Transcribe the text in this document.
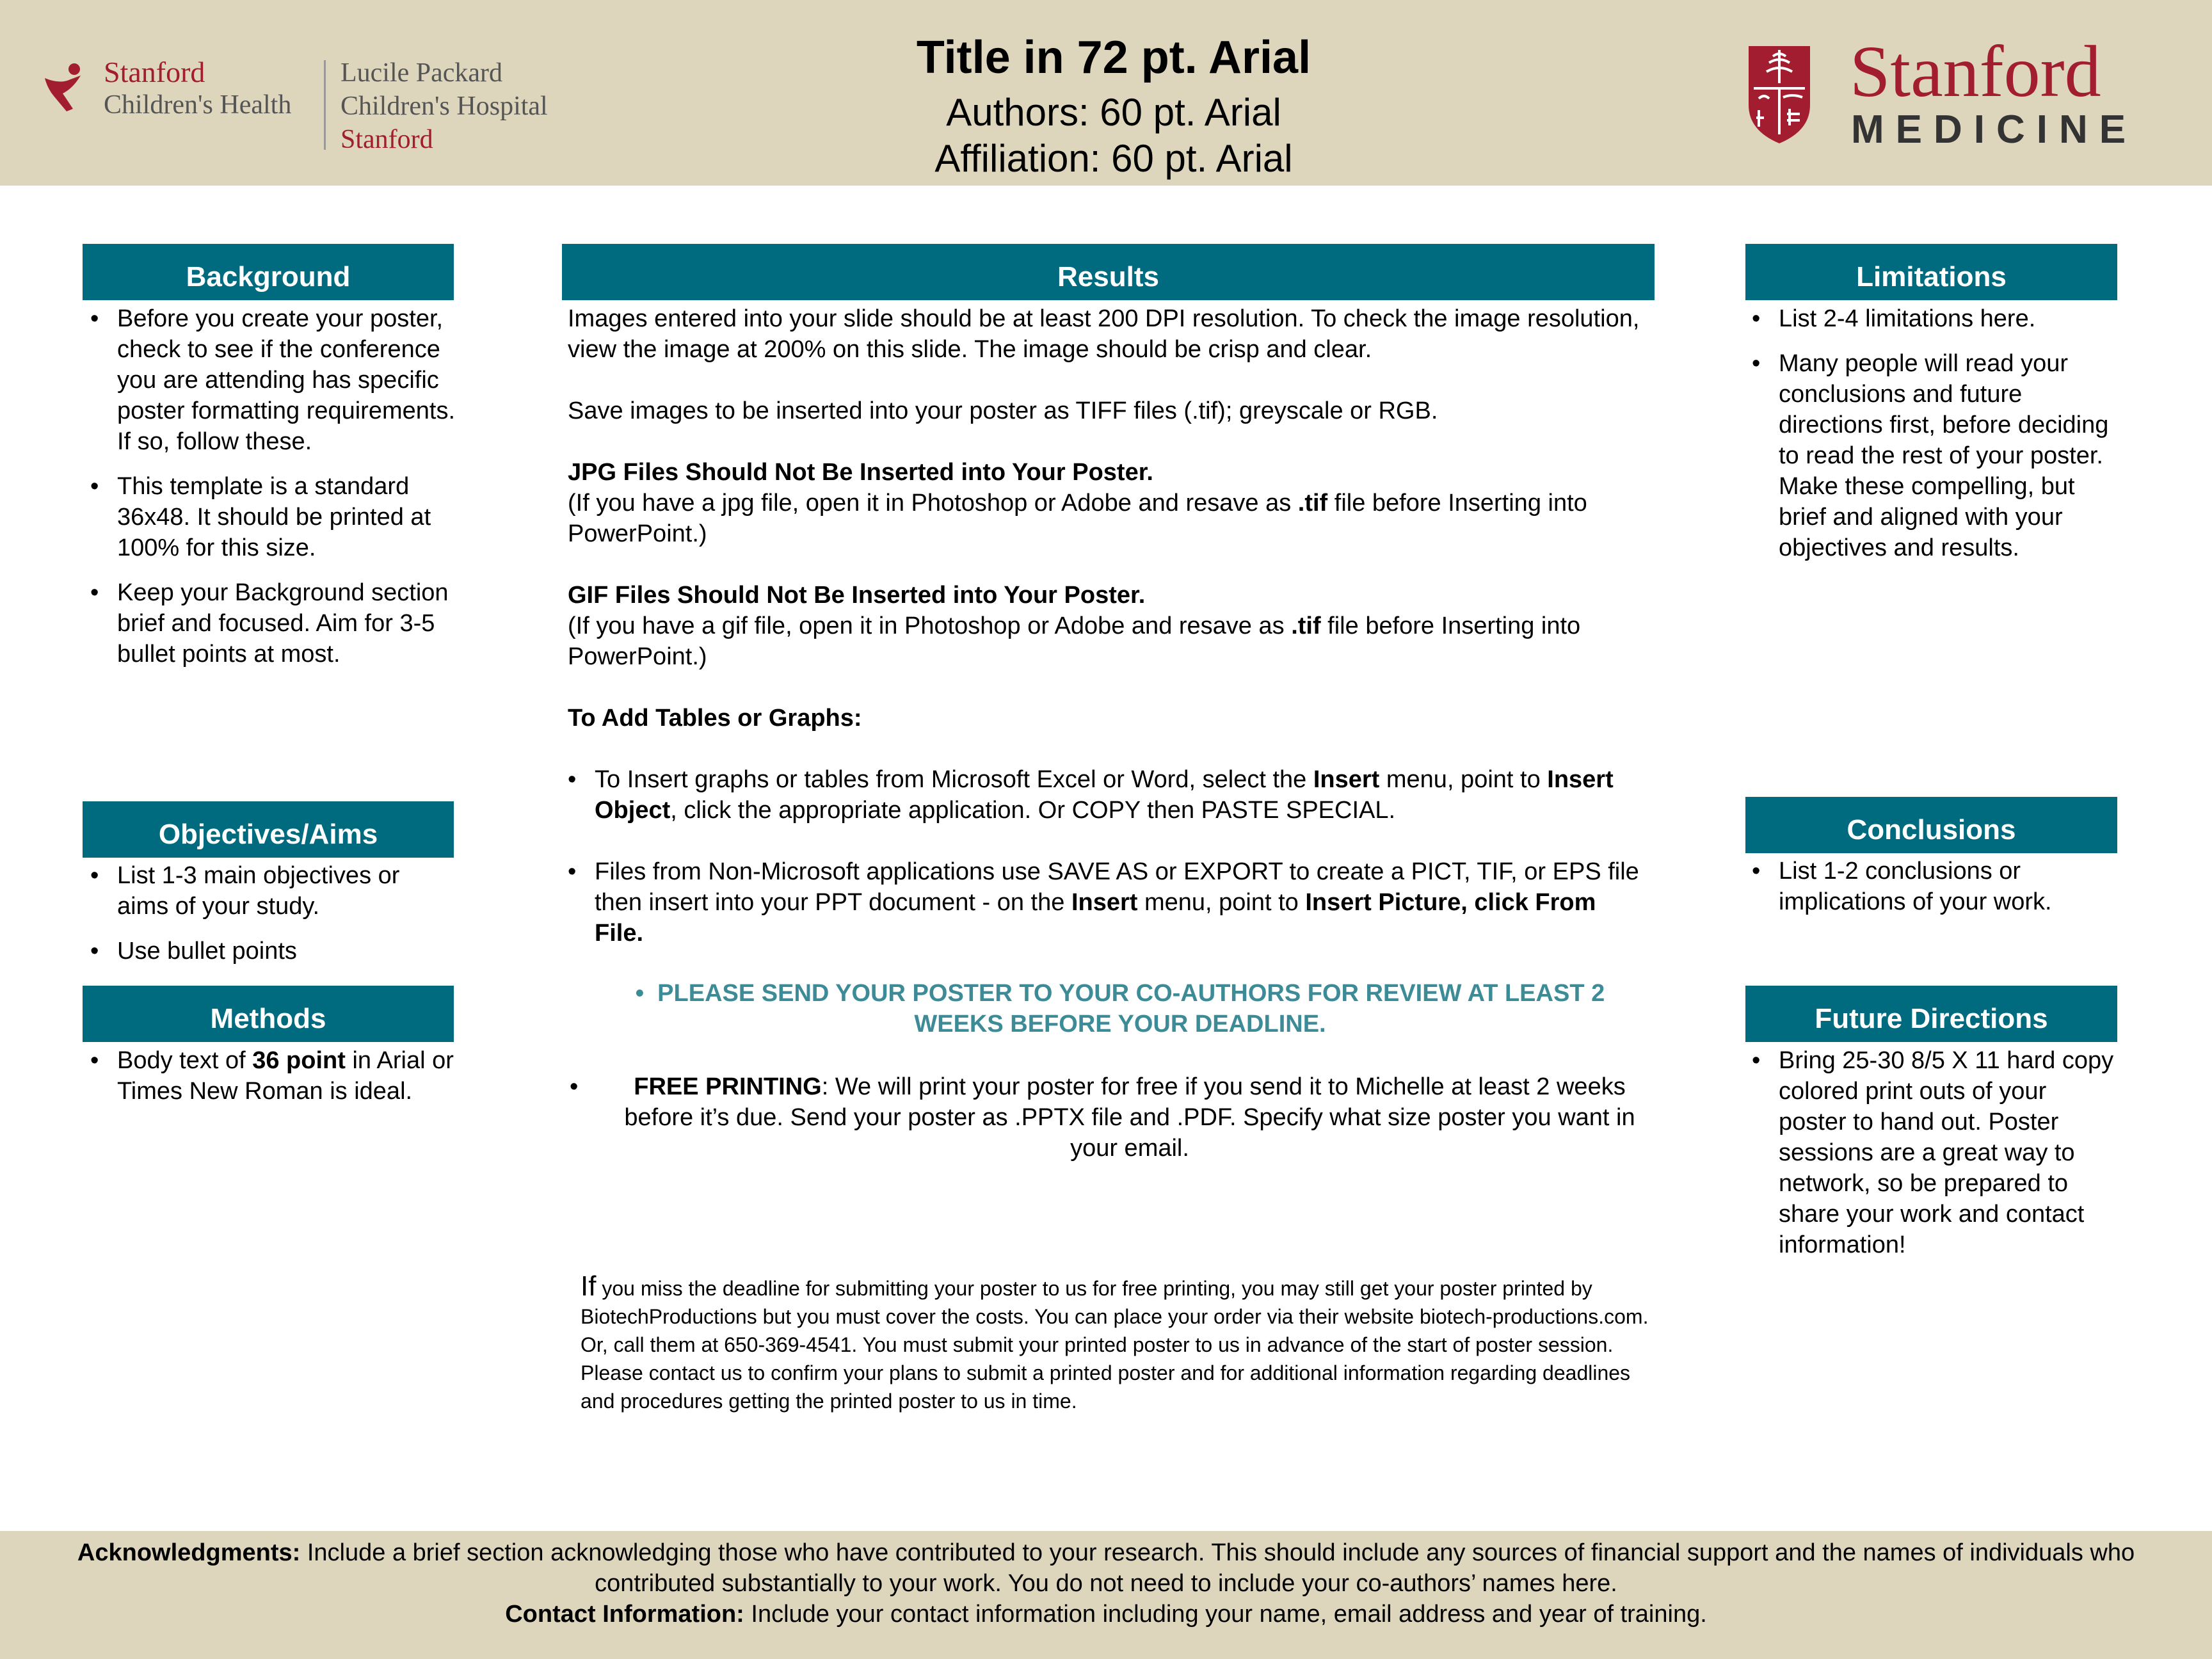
Stanford
Children's Health
Lucile Packard
Children's Hospital
Stanford
Title in 72 pt. Arial
Authors: 60 pt. Arial
Affiliation: 60 pt. Arial
Stanford
MEDICINE
Background
• Before you create your poster, check to see if the conference you are attending has specific poster formatting requirements. If so, follow these.
• This template is a standard 36x48. It should be printed at 100% for this size.
• Keep your Background section brief and focused. Aim for 3-5 bullet points at most.
Objectives/Aims
• List 1-3 main objectives or aims of your study.
• Use bullet points
Methods
• Body text of 36 point in Arial or Times New Roman is ideal.
Results

Images entered into your slide should be at least 200 DPI resolution. To check the image resolution, view the image at 200% on this slide. The image should be crisp and clear.

Save images to be inserted into your poster as TIFF files (.tif); greyscale or RGB.

JPG Files Should Not Be Inserted into Your Poster.

(If you have a jpg file, open it in Photoshop or Adobe and resave as .tif file before Inserting into PowerPoint.)

GIF Files Should Not Be Inserted into Your Poster.

(If you have a gif file, open it in Photoshop or Adobe and resave as .tif file before Inserting into PowerPoint.)

To Add Tables or Graphs:

• To Insert graphs or tables from Microsoft Excel or Word, select the Insert menu, point to Insert Object, click the appropriate application. Or COPY then PASTE SPECIAL.
• Files from Non-Microsoft applications use SAVE AS or EXPORT to create a PICT, TIF, or EPS file then insert into your PPT document - on the Insert menu, point to Insert Picture, click From File.
•  PLEASE SEND YOUR POSTER TO YOUR CO-AUTHORS FOR REVIEW AT LEAST 2 WEEKS BEFORE YOUR DEADLINE.
•	FREE PRINTING: We will print your poster for free if you send it to Michelle at least 2 weeks before it’s due. Send your poster as .PPTX file and .PDF. Specify what size poster you want in your email.

If you miss the deadline for submitting your poster to us for free printing, you may still get your poster printed by BiotechProductions but you must cover the costs. You can place your order via their website biotech-productions.com. Or, call them at 650-369-4541. You must submit your printed poster to us in advance of the start of poster session. Please contact us to confirm your plans to submit a printed poster and for additional information regarding deadlines and procedures getting the printed poster to us in time.

Limitations
• List 2-4 limitations here.
• Many people will read your conclusions and future directions first, before deciding to read the rest of your poster. Make these compelling, but brief and aligned with your objectives and results.
Conclusions
• List 1-2 conclusions or implications of your work.
Future Directions
• Bring 25-30 8/5 X 11 hard copy colored print outs of your poster to hand out. Poster sessions are a great way to network, so be prepared to share your work and contact information!
Acknowledgments: Include a brief section acknowledging those who have contributed to your research. This should include any sources of financial support and the names of individuals who contributed substantially to your work. You do not need to include your co-authors’ names here.
Contact Information: Include your contact information including your name, email address and year of training.
